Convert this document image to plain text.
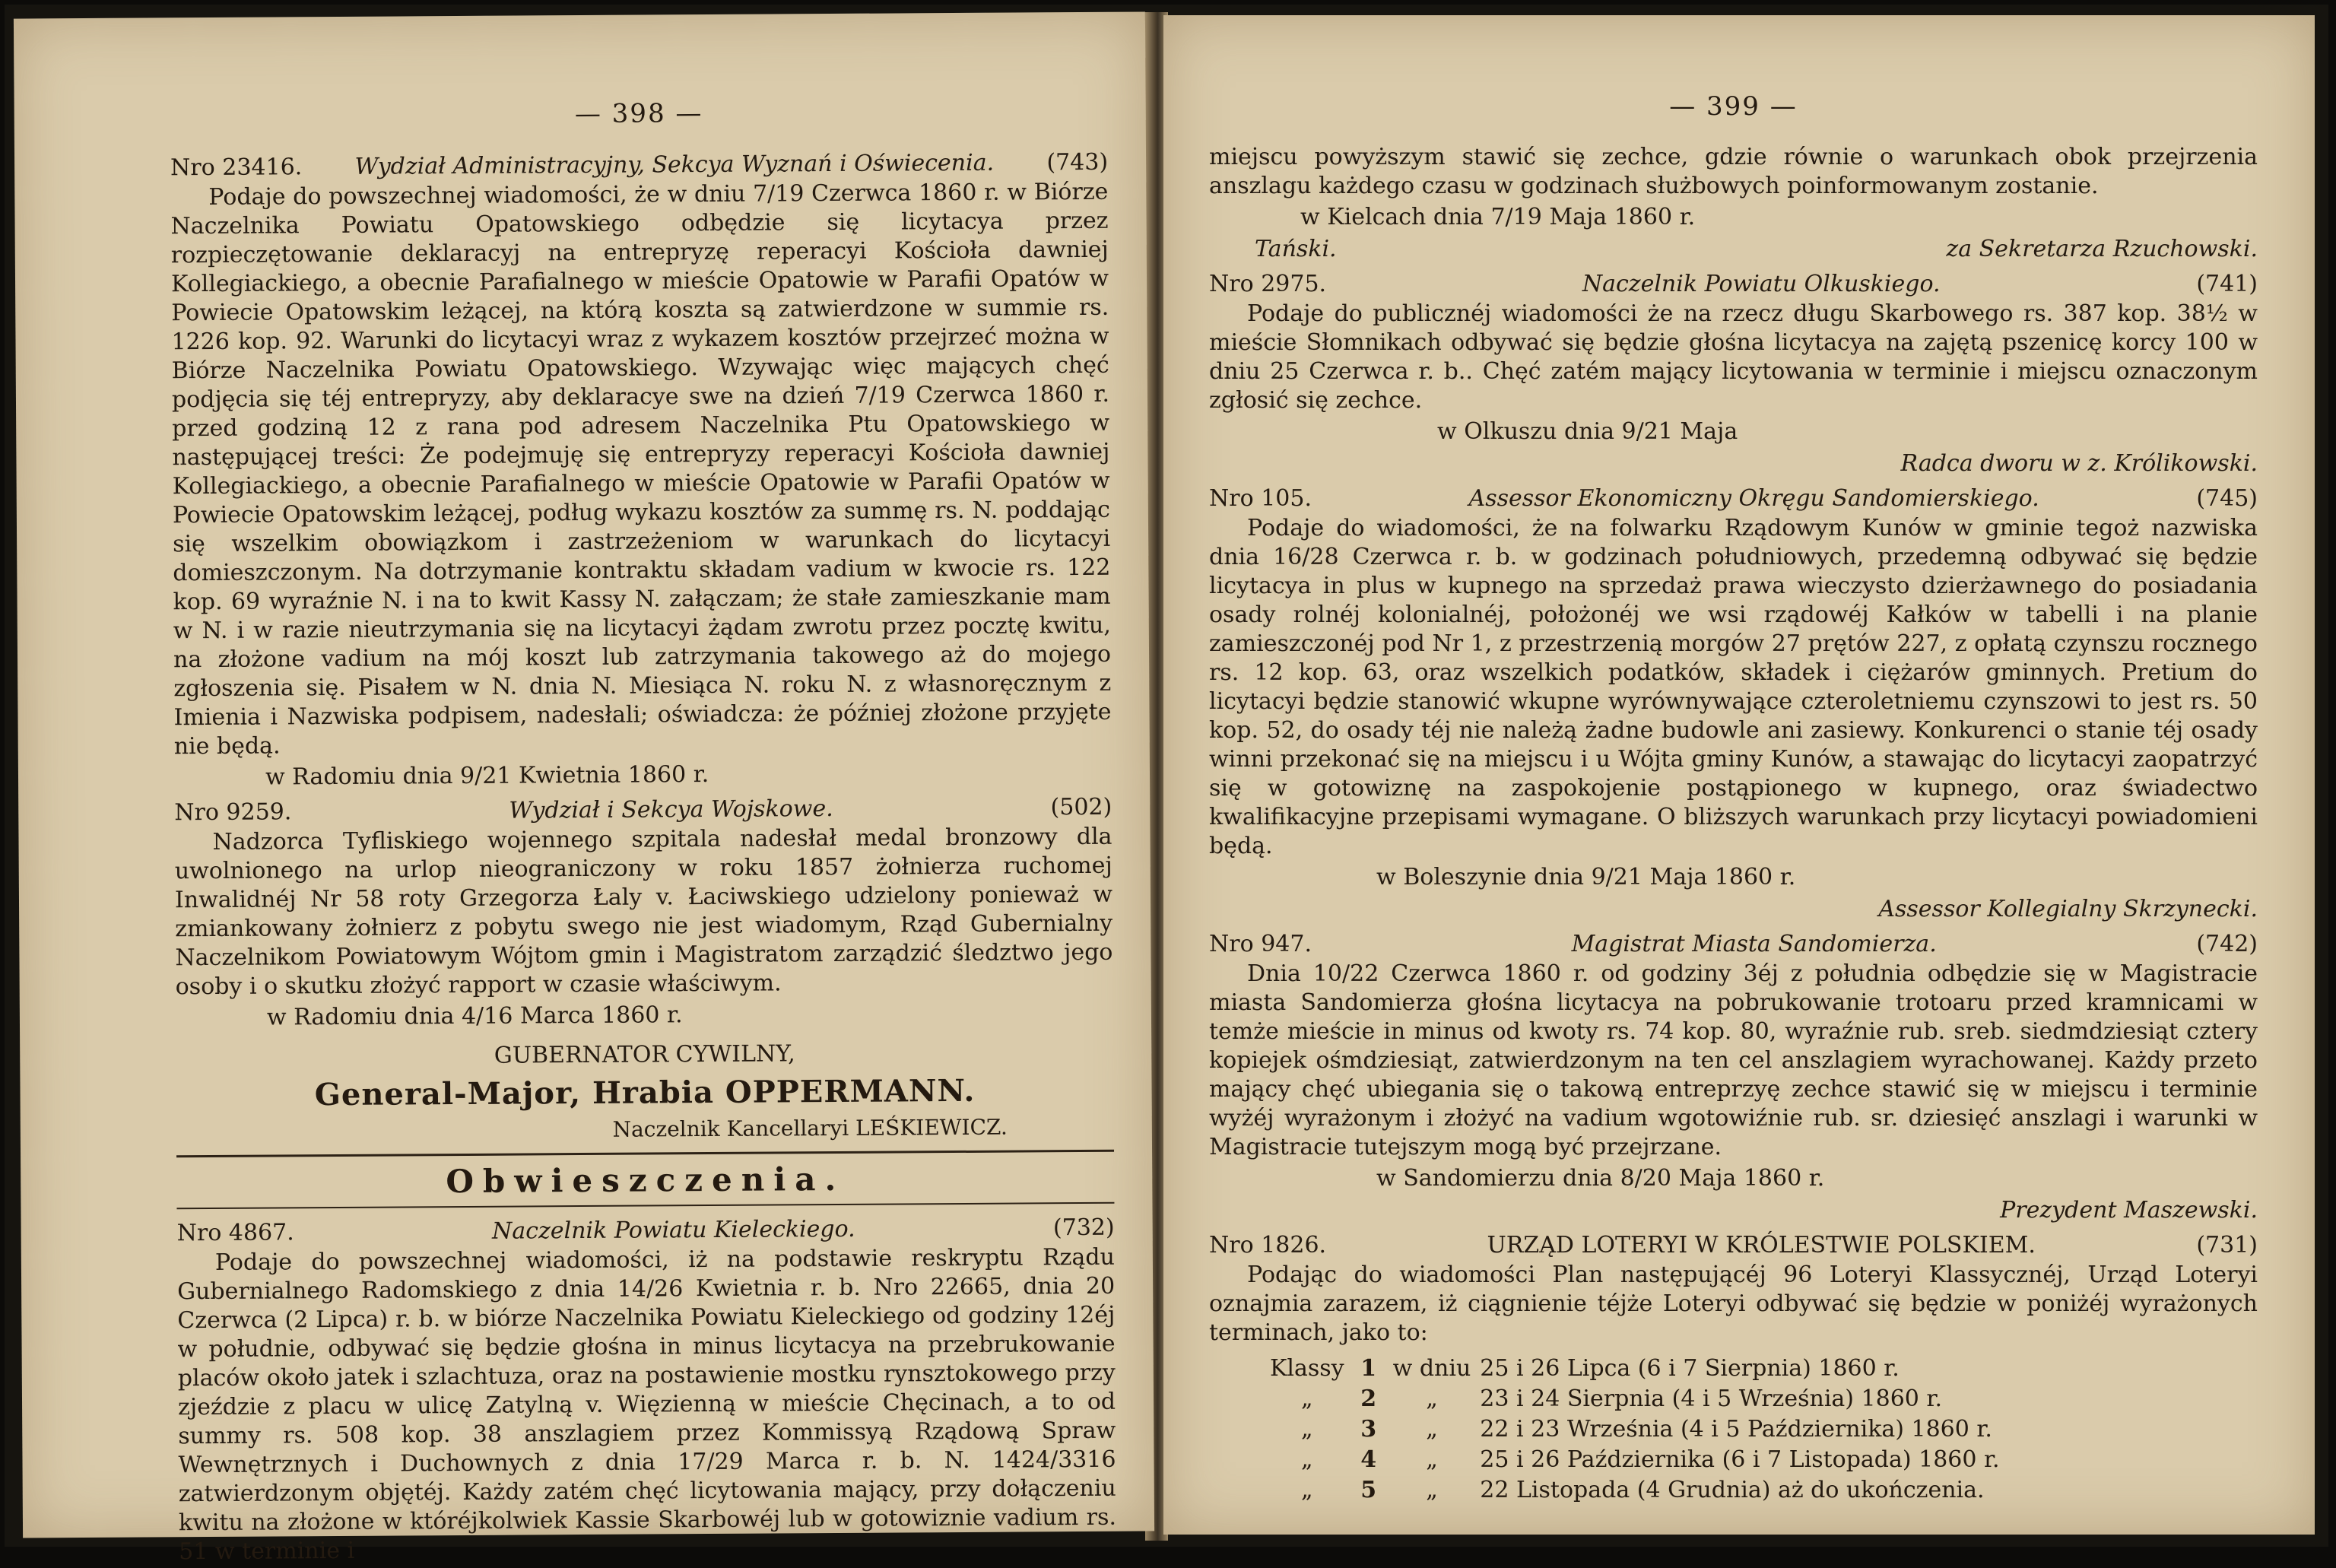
— 398 —
Nro 23416.	Wydział Administracyjny, Sekcya Wyznań i Oświecenia.	(743)

Podaje do powszechnej wiadomości, że w dniu 7/19 Czerwca 1860 r. w Biórze Naczelnika Powiatu Opatowskiego odbędzie się licytacya przez rozpieczętowanie deklaracyj na entrepryzę reperacyi Kościoła dawniej Kollegiackiego, a obecnie Parafialnego w mieście Opatowie w Parafii Opatów w Powiecie Opatowskim leżącej, na którą koszta są zatwierdzone w summie rs. 1226 kop. 92. Warunki do licytacyi wraz z wykazem kosztów przejrzeć można w Biórze Naczelnika Powiatu Opatowskiego. Wzywając więc mających chęć podjęcia się téj entrepryzy, aby deklaracye swe na dzień 7/19 Czerwca 1860 r. przed godziną 12 z rana pod adresem Naczelnika Ptu Opatowskiego w następującej treści: Że podejmuję się entrepryzy reperacyi Kościoła dawniej Kollegiackiego, a obecnie Parafialnego w mieście Opatowie w Parafii Opatów w Powiecie Opatowskim leżącej, podług wykazu kosztów za summę rs. N. poddając się wszelkim obowiązkom i zastrzeżeniom w warunkach do licytacyi domieszczonym. Na dotrzymanie kontraktu składam vadium w kwocie rs. 122 kop. 69 wyraźnie N. i na to kwit Kassy N. załączam; że stałe zamieszkanie mam w N. i w razie nieutrzymania się na licytacyi żądam zwrotu przez pocztę kwitu, na złożone vadium na mój koszt lub zatrzymania takowego aż do mojego zgłoszenia się. Pisałem w N. dnia N. Miesiąca N. roku N. z własnoręcznym z Imienia i Nazwiska podpisem, nadesłali; oświadcza: że później złożone przyjęte nie będą.

w Radomiu dnia 9/21 Kwietnia 1860 r.
Nro 9259.	Wydział i Sekcya Wojskowe.	(502)

Nadzorca Tyfliskiego wojennego szpitala nadesłał medal bronzowy dla uwolnionego na urlop nieograniczony w roku 1857 żołnierza ruchomej Inwalidnéj Nr 58 roty Grzegorza Łaly v. Łaciwskiego udzielony ponieważ w zmiankowany żołnierz z pobytu swego nie jest wiadomym, Rząd Gubernialny Naczelnikom Powiatowym Wójtom gmin i Magistratom zarządzić śledztwo jego osoby i o skutku złożyć rapport w czasie właściwym.

w Radomiu dnia 4/16 Marca 1860 r.
GUBERNATOR CYWILNY,
General-Major, Hrabia OPPERMANN.
Naczelnik Kancellaryi LEŚKIEWICZ.
Obwieszczenia.
Nro 4867.	Naczelnik Powiatu Kieleckiego.	(732)

Podaje do powszechnej wiadomości, iż na podstawie reskryptu Rządu Gubernialnego Radomskiego z dnia 14/26 Kwietnia r. b. Nro 22665, dnia 20 Czerwca (2 Lipca) r. b. w biórze Naczelnika Powiatu Kieleckiego od godziny 12éj w południe, odbywać się będzie głośna in minus licytacya na przebrukowanie placów około jatek i szlachtuza, oraz na postawienie mostku rynsztokowego przy zjeździe z placu w ulicę Zatylną v. Więzienną w mieście Chęcinach, a to od summy rs. 508 kop. 38 anszlagiem przez Kommissyą Rządową Spraw Wewnętrznych i Duchownych z dnia 17/29 Marca r. b. N. 1424/3316 zatwierdzonym objętéj. Każdy zatém chęć licytowania mający, przy dołączeniu kwitu na złożone w któréjkolwiek Kassie Skarbowéj lub w gotowiznie vadium rs. 51 w terminie i

— 399 —

miejscu powyższym stawić się zechce, gdzie równie o warunkach obok przejrzenia anszlagu każdego czasu w godzinach służbowych poinformowanym zostanie.

w Kielcach dnia 7/19 Maja 1860 r.
Tański.	za Sekretarza Rzuchowski.
Nro 2975.	Naczelnik Powiatu Olkuskiego.	(741)

Podaje do publicznéj wiadomości że na rzecz długu Skarbowego rs. 387 kop. 38½ w mieście Słomnikach odbywać się będzie głośna licytacya na zajętą pszenicę korcy 100 w dniu 25 Czerwca r. b.. Chęć zatém mający licytowania w terminie i miejscu oznaczonym zgłosić się zechce.

w Olkuszu dnia 9/21 Maja
Radca dworu w z. Królikowski.
Nro 105.	Assessor Ekonomiczny Okręgu Sandomierskiego.	(745)

Podaje do wiadomości, że na folwarku Rządowym Kunów w gminie tegoż nazwiska dnia 16/28 Czerwca r. b. w godzinach południowych, przedemną odbywać się będzie licytacya in plus w kupnego na sprzedaż prawa wieczysto dzierżawnego do posiadania osady rolnéj kolonialnéj, położonéj we wsi rządowéj Kałków w tabelli i na planie zamieszczonéj pod Nr 1, z przestrzenią morgów 27 prętów 227, z opłatą czynszu rocznego rs. 12 kop. 63, oraz wszelkich podatków, składek i ciężarów gminnych. Pretium do licytacyi będzie stanowić wkupne wyrównywające czteroletniemu czynszowi to jest rs. 50 kop. 52, do osady téj nie należą żadne budowle ani zasiewy. Konkurenci o stanie téj osady winni przekonać się na miejscu i u Wójta gminy Kunów, a stawając do licytacyi zaopatrzyć się w gotowiznę na zaspokojenie postąpionego w kupnego, oraz świadectwo kwalifikacyjne przepisami wymagane. O bliższych warunkach przy licytacyi powiadomieni będą.

w Boleszynie dnia 9/21 Maja 1860 r.
Assessor Kollegialny Skrzynecki.
Nro 947.	Magistrat Miasta Sandomierza.	(742)

Dnia 10/22 Czerwca 1860 r. od godziny 3éj z południa odbędzie się w Magistracie miasta Sandomierza głośna licytacya na pobrukowanie trotoaru przed kramnicami w temże mieście in minus od kwoty rs. 74 kop. 80, wyraźnie rub. sreb. siedmdziesiąt cztery kopiejek ośmdziesiąt, zatwierdzonym na ten cel anszlagiem wyrachowanej. Każdy przeto mający chęć ubiegania się o takową entreprzyę zechce stawić się w miejscu i terminie wyżéj wyrażonym i złożyć na vadium wgotowiźnie rub. sr. dziesięć anszlagi i warunki w Magistracie tutejszym mogą być przejrzane.

w Sandomierzu dnia 8/20 Maja 1860 r.
Prezydent Maszewski.
Nro 1826.	URZĄD LOTERYI W KRÓLESTWIE POLSKIEM.	(731)

Podając do wiadomości Plan następującéj 96 Loteryi Klassycznéj, Urząd Loteryi oznajmia zarazem, iż ciągnienie téjże Loteryi odbywać się będzie w poniżéj wyrażonych terminach, jako to:

Klassy	1	w dniu	25 i 26 Lipca (6 i 7 Sierpnia) 1860 r.
„	2	„	23 i 24 Sierpnia (4 i 5 Września) 1860 r.
„	3	„	22 i 23 Września (4 i 5 Października) 1860 r.
„	4	„	25 i 26 Października (6 i 7 Listopada) 1860 r.
„	5	„	22 Listopada (4 Grudnia) aż do ukończenia.
